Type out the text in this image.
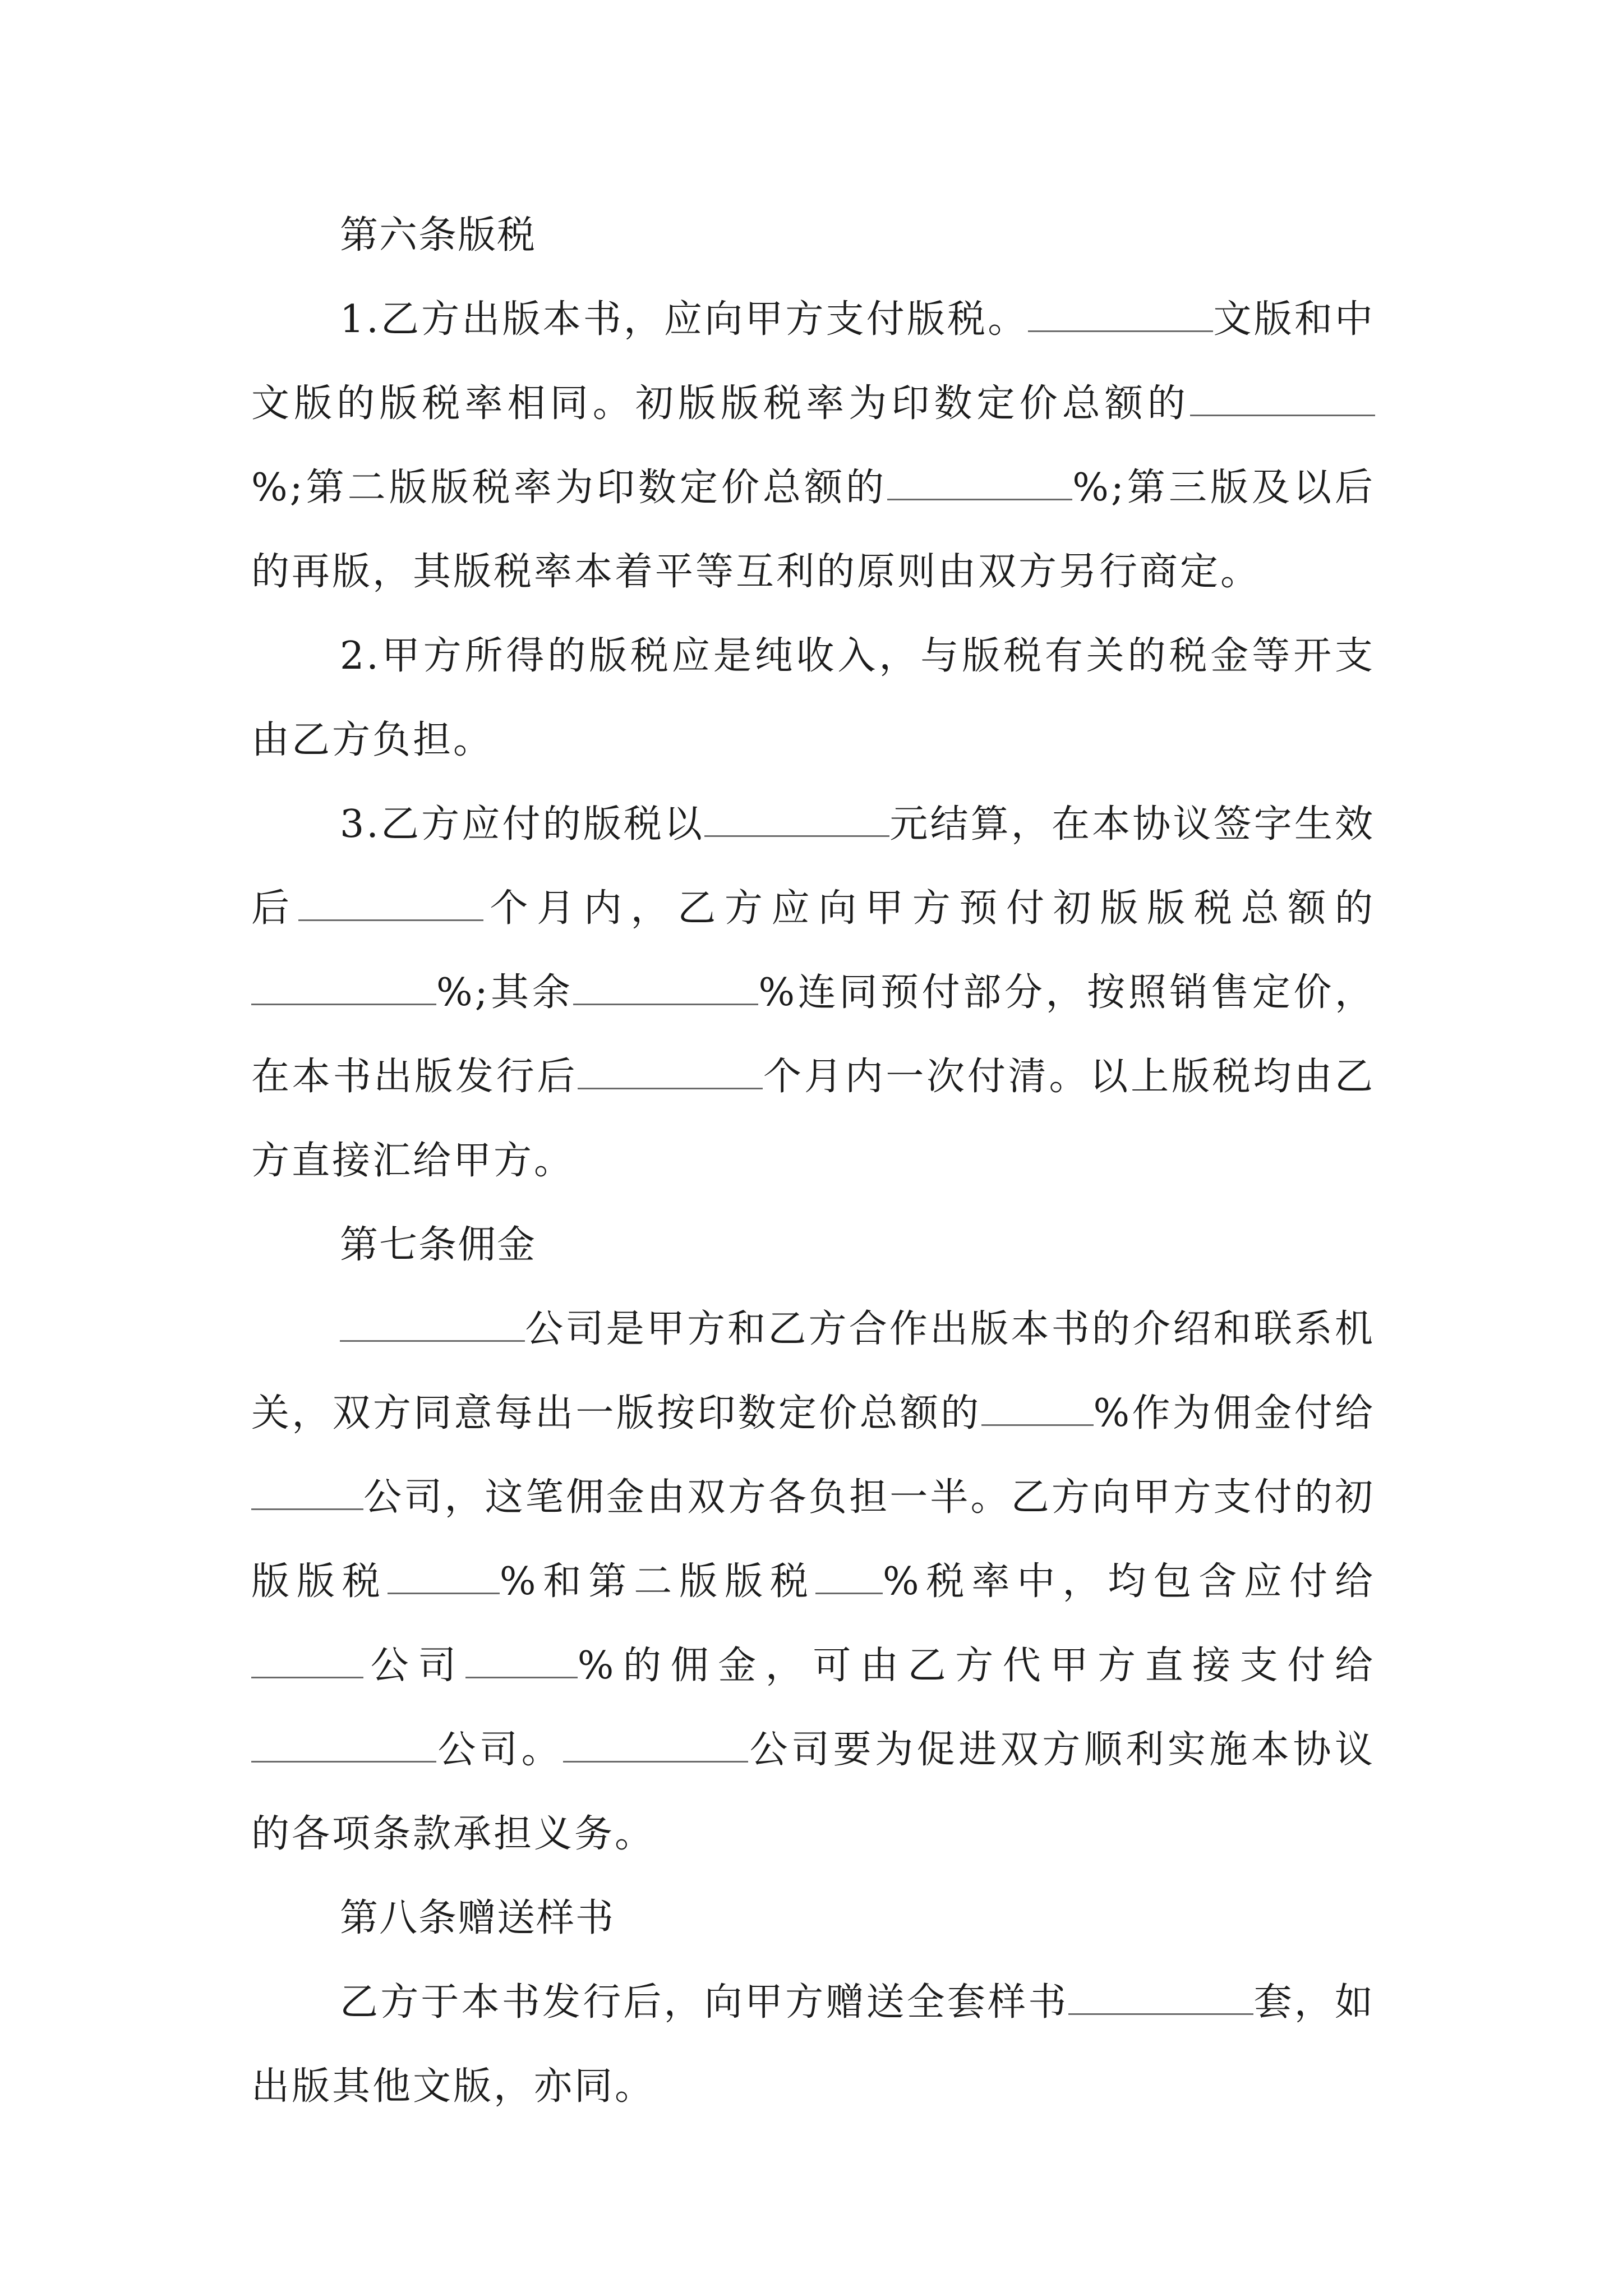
第六条版税

1.乙方出版本书，应向甲方支付版税。	文版和中文版的版税率相同。初版版税率为印数定价总额的%;第二版版税率为印数定价总额的	%;第三版及以后的再版，其版税率本着平等互利的原则由双方另行商定。

2.甲方所得的版税应是纯收入，与版税有关的税金等开支由乙方负担。

3.乙方应付的版税以	元结算，在本协议签字生效后	个月内，乙方应向甲方预付初版版税总额的%;其余	%连同预付部分，按照销售定价，在本书出版发行后	个月内一次付清。以上版税均由乙方直接汇给甲方。

第七条佣金

公司是甲方和乙方合作出版本书的介绍和联系机关，双方同意每出一版按印数定价总额的	%作为佣金付给公司，这笔佣金由双方各负担一半。乙方向甲方支付的初版版税	%和第二版版税 %税率中，均包含应付给公司	%的佣金，可由乙方代甲方直接支付给公司。	公司要为促进双方顺利实施本协议的各项条款承担义务。

第八条赠送样书

乙方于本书发行后，向甲方赠送全套样书	套，如出版其他文版，亦同。
